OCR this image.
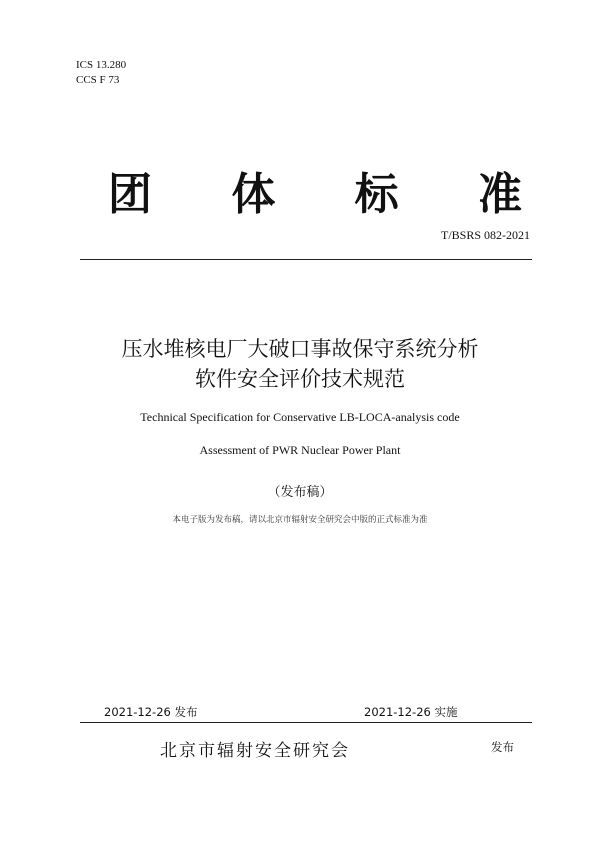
ICS 13.280
CCS F 73
团 体 标 准
T/BSRS 082-2021
压水堆核电厂大破口事故保守系统分析
软件安全评价技术规范
Technical Specification for Conservative LB-LOCA-analysis code
Assessment of PWR Nuclear Power Plant
（发布稿）
本电子版为发布稿，请以北京市辐射安全研究会中版的正式标准为准
2021-12-26 发布	2021-12-26 实施
北京市辐射安全研究会	发布
